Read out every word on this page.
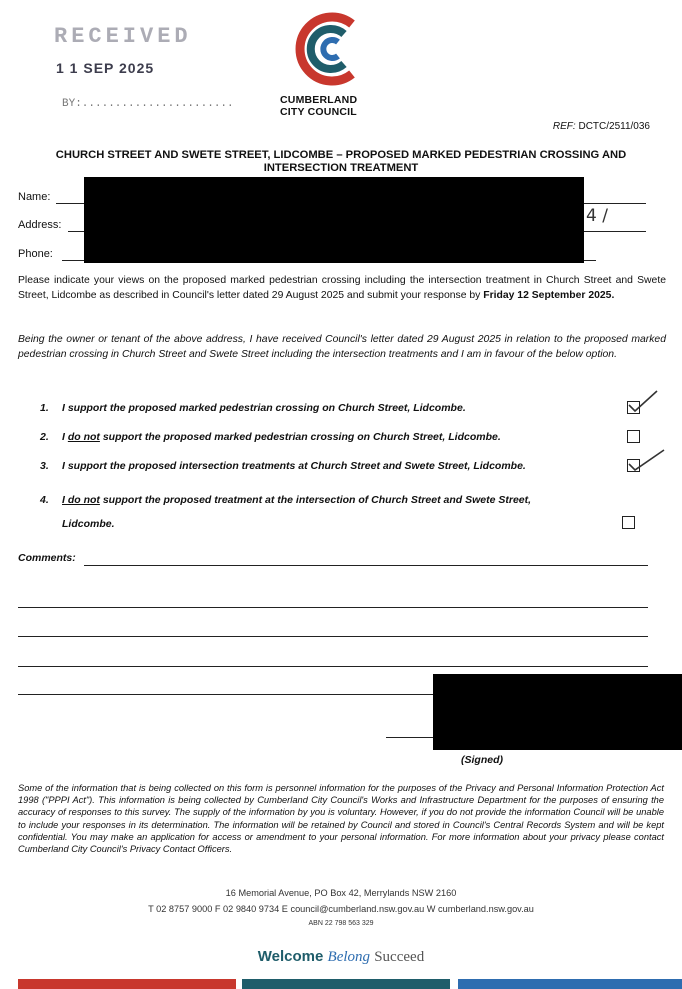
RECEIVED
1 1 SEP 2025
BY:.......................	CUMBERLAND
CITY COUNCIL
REF: DCTC/2511/036
CHURCH STREET AND SWETE STREET, LIDCOMBE – PROPOSED MARKED PEDESTRIAN CROSSING AND INTERSECTION TREATMENT
Name:
Address:	4 /
Phone:
Please indicate your views on the proposed marked pedestrian crossing including the intersection treatment in Church Street and Swete Street, Lidcombe as described in Council's letter dated 29 August 2025 and submit your response by Friday 12 September 2025.
Being the owner or tenant of the above address, I have received Council's letter dated 29 August 2025 in relation to the proposed marked pedestrian crossing in Church Street and Swete Street including the intersection treatments and I am in favour of the below option.
1. I support the proposed marked pedestrian crossing on Church Street, Lidcombe.
2. I do not support the proposed marked pedestrian crossing on Church Street, Lidcombe.
3. I support the proposed intersection treatments at Church Street and Swete Street, Lidcombe.
4. I do not support the proposed treatment at the intersection of Church Street and Swete Street,
Lidcombe.
Comments:
(Signed)
Some of the information that is being collected on this form is personnel information for the purposes of the Privacy and Personal Information Protection Act 1998 ("PPPI Act"). This information is being collected by Cumberland City Council's Works and Infrastructure Department for the purposes of ensuring the accuracy of responses to this survey. The supply of the information by you is voluntary. However, if you do not provide the information Council will be unable to include your responses in its determination. The information will be retained by Council and stored in Council's Central Records System and will be kept confidential. You may make an application for access or amendment to your personal information. For more information about your privacy please contact Cumberland City Council's Privacy Contact Officers.
16 Memorial Avenue, PO Box 42, Merrylands NSW 2160
T 02 8757 9000 F 02 9840 9734 E council@cumberland.nsw.gov.au W cumberland.nsw.gov.au
ABN 22 798 563 329
Welcome Belong Succeed
